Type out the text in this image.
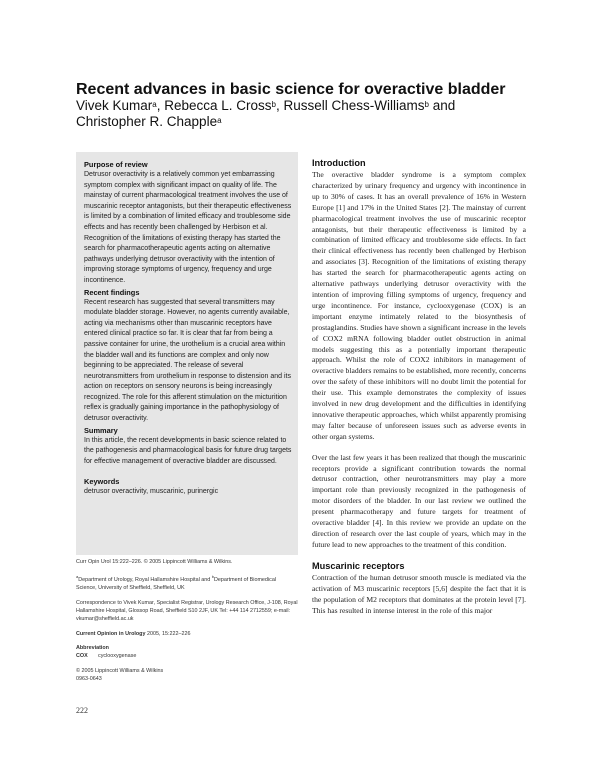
Recent advances in basic science for overactive bladder
Vivek Kumar$^a$, Rebecca L. Cross$^b$, Russell Chess-Williams$^b$ and
Christopher R. Chapple$^a$
Purpose of review

Detrusor overactivity is a relatively common yet embarrassing symptom complex with significant impact on quality of life. The mainstay of current pharmacological treatment involves the use of muscarinic receptor antagonists, but their therapeutic effectiveness is limited by a combination of limited efficacy and troublesome side effects and has recently been challenged by Herbison et al. Recognition of the limitations of existing therapy has started the search for pharmacotherapeutic agents acting on alternative pathways underlying detrusor overactivity with the intention of improving storage symptoms of urgency, frequency and urge incontinence.

Recent findings

Recent research has suggested that several transmitters may modulate bladder storage. However, no agents currently available, acting via mechanisms other than muscarinic receptors have entered clinical practice so far. It is clear that far from being a passive container for urine, the urothelium is a crucial area within the bladder wall and its functions are complex and only now beginning to be appreciated. The release of several neurotransmitters from urothelium in response to distension and its action on receptors on sensory neurons is being increasingly recognized. The role for this afferent stimulation on the micturition reflex is gradually gaining importance in the pathophysiology of detrusor overactivity.

Summary

In this article, the recent developments in basic science related to the pathogenesis and pharmacological basis for future drug targets for effective management of overactive bladder are discussed.

Keywords

detrusor overactivity, muscarinic, purinergic

Curr Opin Urol 15:222–226. © 2005 Lippincott Williams & Wilkins.

$^a$Department of Urology, Royal Hallamshire Hospital and $^b$Department of Biomedical Science, University of Sheffield, Sheffield, UK

Correspondence to Vivek Kumar, Specialist Registrar, Urology Research Office, J-108, Royal Hallamshire Hospital, Glossop Road, Sheffield S10 2JF, UK Tel: +44 114 2712559; e-mail: vkumar@sheffield.ac.uk

Current Opinion in Urology 2005, 15:222–226

Abbreviation

COX cyclooxygenase

© 2005 Lippincott Williams & Wilkins

0963-0643

222
Introduction

The overactive bladder syndrome is a symptom complex characterized by urinary frequency and urgency with incontinence in up to 30% of cases. It has an overall prevalence of 16% in Western Europe [1] and 17% in the United States [2]. The mainstay of current pharmacological treatment involves the use of muscarinic receptor antagonists, but their therapeutic effectiveness is limited by a combination of limited efficacy and troublesome side effects. In fact their clinical effectiveness has recently been challenged by Herbison and associates [3]. Recognition of the limitations of existing therapy has started the search for pharmacotherapeutic agents acting on alternative pathways underlying detrusor overactivity with the intention of improving filling symptoms of urgency, frequency and urge incontinence. For instance, cyclooxygenase (COX) is an important enzyme intimately related to the biosynthesis of prostaglandins. Studies have shown a significant increase in the levels of COX2 mRNA following bladder outlet obstruction in animal models suggesting this as a potentially important therapeutic approach. Whilst the role of COX2 inhibitors in management of overactive bladders remains to be established, more recently, concerns over the safety of these inhibitors will no doubt limit the potential for their use. This example demonstrates the complexity of issues involved in new drug development and the difficulties in identifying innovative therapeutic approaches, which whilst apparently promising may falter because of unforeseen issues such as adverse events in other organ systems.

Over the last few years it has been realized that though the muscarinic receptors provide a significant contribution towards the normal detrusor contraction, other neurotransmitters may play a more important role than previously recognized in the pathogenesis of motor disorders of the bladder. In our last review we outlined the present pharmacotherapy and future targets for treatment of overactive bladder [4]. In this review we provide an update on the direction of research over the last couple of years, which may in the future lead to new approaches to the treatment of this condition.

Muscarinic receptors

Contraction of the human detrusor smooth muscle is mediated via the activation of M3 muscarinic receptors [5,6] despite the fact that it is the population of M2 receptors that dominates at the protein level [7]. This has resulted in intense interest in the role of this major
